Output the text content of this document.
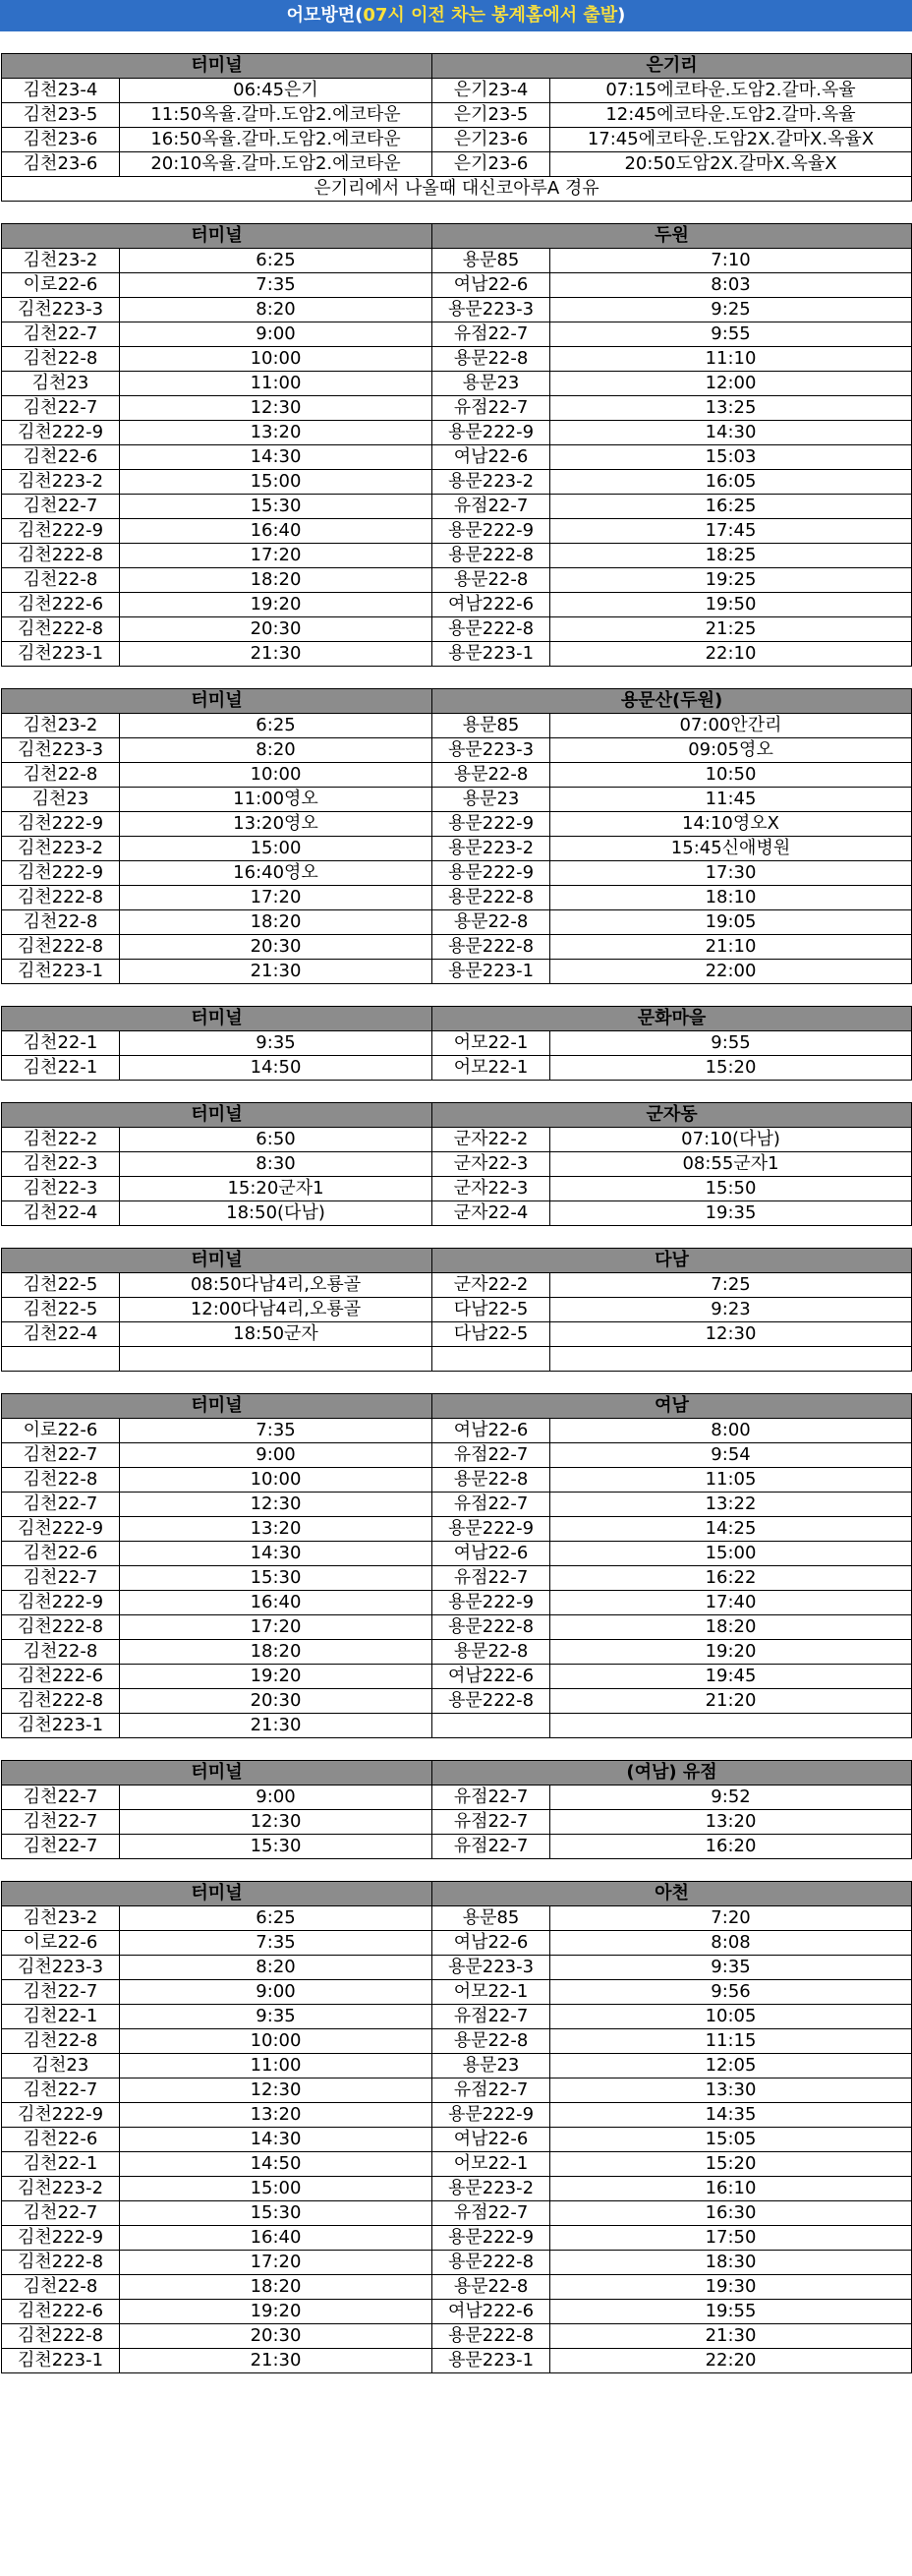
어모방면(07시 이전 차는 봉계홈에서 출발)
터미널		은기리	
김천23-4	06:45은기	은기23-4	07:15에코타운.도암2.갈마.옥율
김천23-5	11:50옥율.갈마.도암2.에코타운	은기23-5	12:45에코타운.도암2.갈마.옥율
김천23-6	16:50옥율.갈마.도암2.에코타운	은기23-6	17:45에코타운.도암2X.갈마X.옥율X
김천23-6	20:10옥율.갈마.도암2.에코타운	은기23-6	20:50도암2X.갈마X.옥율X
은기리에서 나올때 대신코아루A 경유			
터미널		두원	
김천23-2	6:25	용문85	7:10
이로22-6	7:35	여남22-6	8:03
김천223-3	8:20	용문223-3	9:25
김천22-7	9:00	유점22-7	9:55
김천22-8	10:00	용문22-8	11:10
김천23	11:00	용문23	12:00
김천22-7	12:30	유점22-7	13:25
김천222-9	13:20	용문222-9	14:30
김천22-6	14:30	여남22-6	15:03
김천223-2	15:00	용문223-2	16:05
김천22-7	15:30	유점22-7	16:25
김천222-9	16:40	용문222-9	17:45
김천222-8	17:20	용문222-8	18:25
김천22-8	18:20	용문22-8	19:25
김천222-6	19:20	여남222-6	19:50
김천222-8	20:30	용문222-8	21:25
김천223-1	21:30	용문223-1	22:10
터미널		용문산(두원)	
김천23-2	6:25	용문85	07:00안간리
김천223-3	8:20	용문223-3	09:05영오
김천22-8	10:00	용문22-8	10:50
김천23	11:00영오	용문23	11:45
김천222-9	13:20영오	용문222-9	14:10영오X
김천223-2	15:00	용문223-2	15:45신애병원
김천222-9	16:40영오	용문222-9	17:30
김천222-8	17:20	용문222-8	18:10
김천22-8	18:20	용문22-8	19:05
김천222-8	20:30	용문222-8	21:10
김천223-1	21:30	용문223-1	22:00
터미널		문화마을	
김천22-1	9:35	어모22-1	9:55
김천22-1	14:50	어모22-1	15:20
터미널		군자동	
김천22-2	6:50	군자22-2	07:10(다남)
김천22-3	8:30	군자22-3	08:55군자1
김천22-3	15:20군자1	군자22-3	15:50
김천22-4	18:50(다남)	군자22-4	19:35
터미널		다남	
김천22-5	08:50다남4리,오룡골	군자22-2	7:25
김천22-5	12:00다남4리,오룡골	다남22-5	9:23
김천22-4	18:50군자	다남22-5	12:30

터미널		여남	
이로22-6	7:35	여남22-6	8:00
김천22-7	9:00	유점22-7	9:54
김천22-8	10:00	용문22-8	11:05
김천22-7	12:30	유점22-7	13:22
김천222-9	13:20	용문222-9	14:25
김천22-6	14:30	여남22-6	15:00
김천22-7	15:30	유점22-7	16:22
김천222-9	16:40	용문222-9	17:40
김천222-8	17:20	용문222-8	18:20
김천22-8	18:20	용문22-8	19:20
김천222-6	19:20	여남222-6	19:45
김천222-8	20:30	용문222-8	21:20
김천223-1	21:30		
터미널		(여남) 유점	
김천22-7	9:00	유점22-7	9:52
김천22-7	12:30	유점22-7	13:20
김천22-7	15:30	유점22-7	16:20
터미널		아천	
김천23-2	6:25	용문85	7:20
이로22-6	7:35	여남22-6	8:08
김천223-3	8:20	용문223-3	9:35
김천22-7	9:00	어모22-1	9:56
김천22-1	9:35	유점22-7	10:05
김천22-8	10:00	용문22-8	11:15
김천23	11:00	용문23	12:05
김천22-7	12:30	유점22-7	13:30
김천222-9	13:20	용문222-9	14:35
김천22-6	14:30	여남22-6	15:05
김천22-1	14:50	어모22-1	15:20
김천223-2	15:00	용문223-2	16:10
김천22-7	15:30	유점22-7	16:30
김천222-9	16:40	용문222-9	17:50
김천222-8	17:20	용문222-8	18:30
김천22-8	18:20	용문22-8	19:30
김천222-6	19:20	여남222-6	19:55
김천222-8	20:30	용문222-8	21:30
김천223-1	21:30	용문223-1	22:20
